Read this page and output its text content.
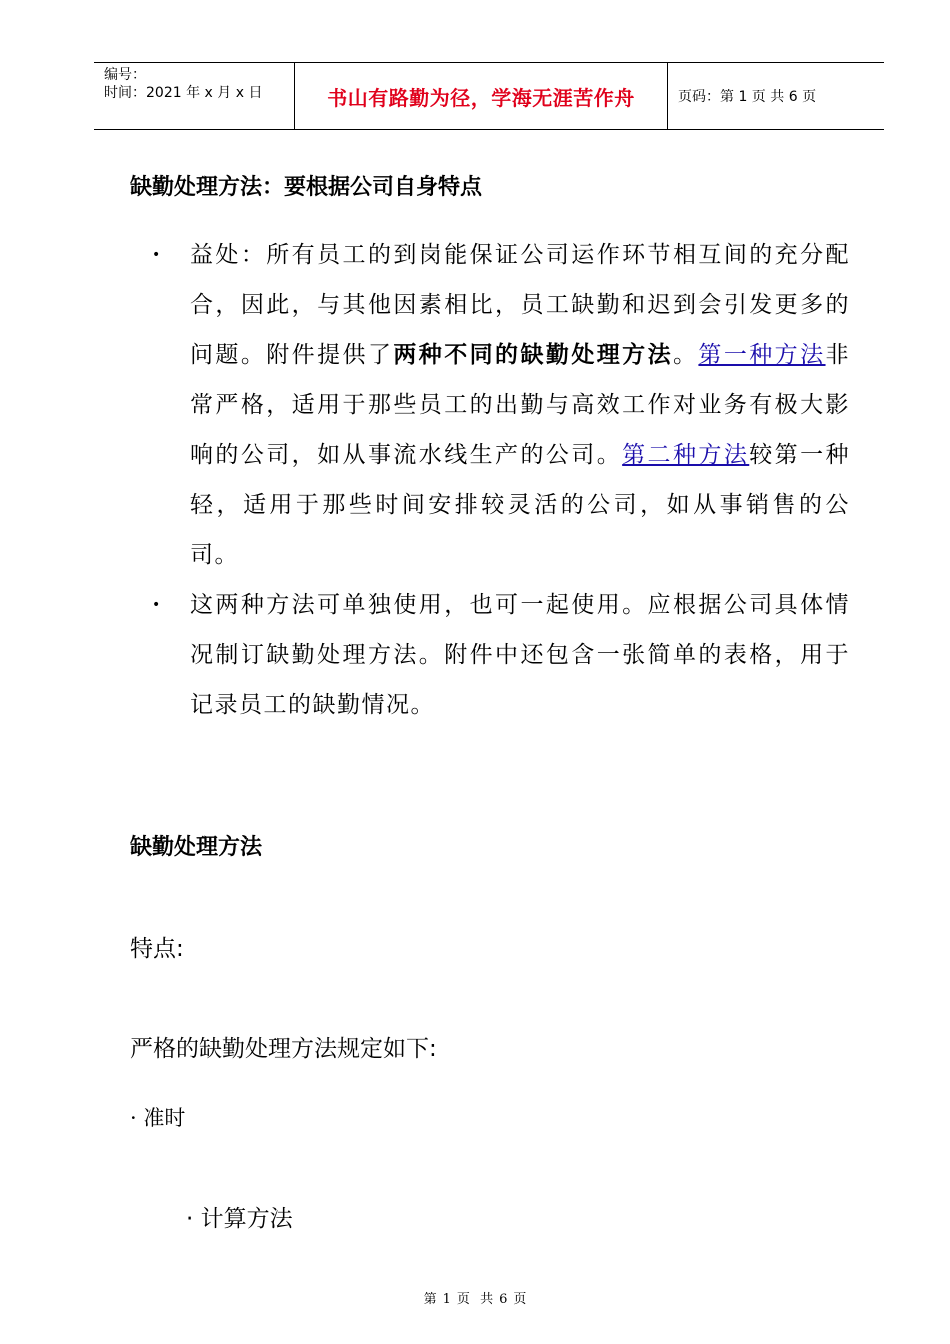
编号：
时间：2021 年 x 月 x 日	书山有路勤为径，学海无涯苦作舟	页码：第 1 页 共 6 页
缺勤处理方法：要根据公司自身特点
•	益处：所有员工的到岗能保证公司运作环节相互间的充分配合，因此，与其他因素相比，员工缺勤和迟到会引发更多的问题。附件提供了两种不同的缺勤处理方法。第一种方法非常严格，适用于那些员工的出勤与高效工作对业务有极大影响的公司，如从事流水线生产的公司。第二种方法较第一种轻，适用于那些时间安排较灵活的公司，如从事销售的公司。
•	这两种方法可单独使用，也可一起使用。应根据公司具体情况制订缺勤处理方法。附件中还包含一张简单的表格，用于记录员工的缺勤情况。
缺勤处理方法
特点:
严格的缺勤处理方法规定如下:
· 准时
· 计算方法
第 1 页 共 6 页
